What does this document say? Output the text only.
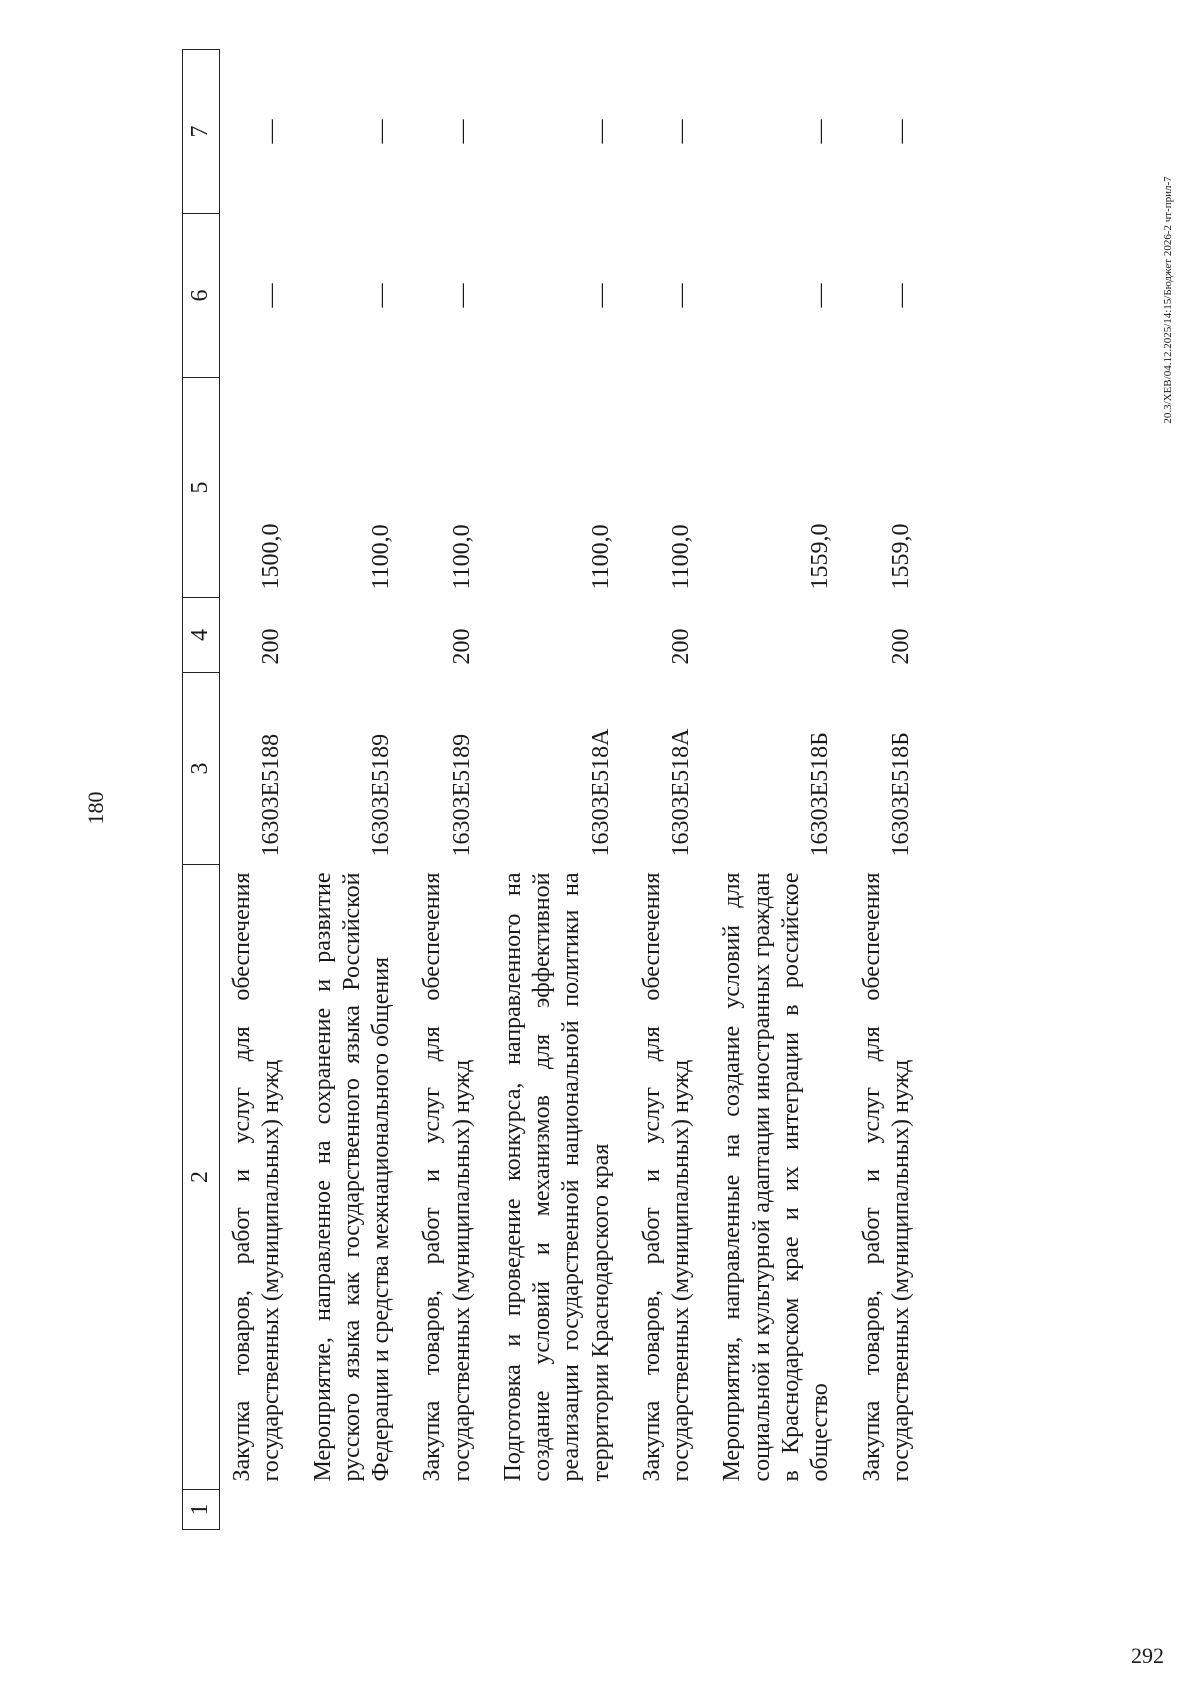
180
1	2	3	4	5	6	7
	Закупка товаров, работ и услуг для обеспечения государственных (муниципальных) нужд	16303Е5188	200	1500,0	—	—
	Мероприятие, направленное на сохранение и развитие русского языка как государственного языка Российской Федерации и средства межнационального общения	16303Е5189		1100,0	—	—
	Закупка товаров, работ и услуг для обеспечения государственных (муниципальных) нужд	16303Е5189	200	1100,0	—	—
	Подготовка и проведение конкурса, направленного на создание условий и механизмов для эффективной реализации государственной национальной политики на территории Краснодарского края	16303Е518А		1100,0	—	—
	Закупка товаров, работ и услуг для обеспечения государственных (муниципальных) нужд	16303Е518А	200	1100,0	—	—
	Мероприятия, направленные на создание условий для социальной и культурной адаптации иностранных граждан в Краснодарском крае и их интеграции в российское общество	16303Е518Б		1559,0	—	—
	Закупка товаров, работ и услуг для обеспечения государственных (муниципальных) нужд	16303Е518Б	200	1559,0	—	—
20.3/ХЕВ/04.12.2025/14:15/Бюджет 2026-2 чт-прил-7
292
